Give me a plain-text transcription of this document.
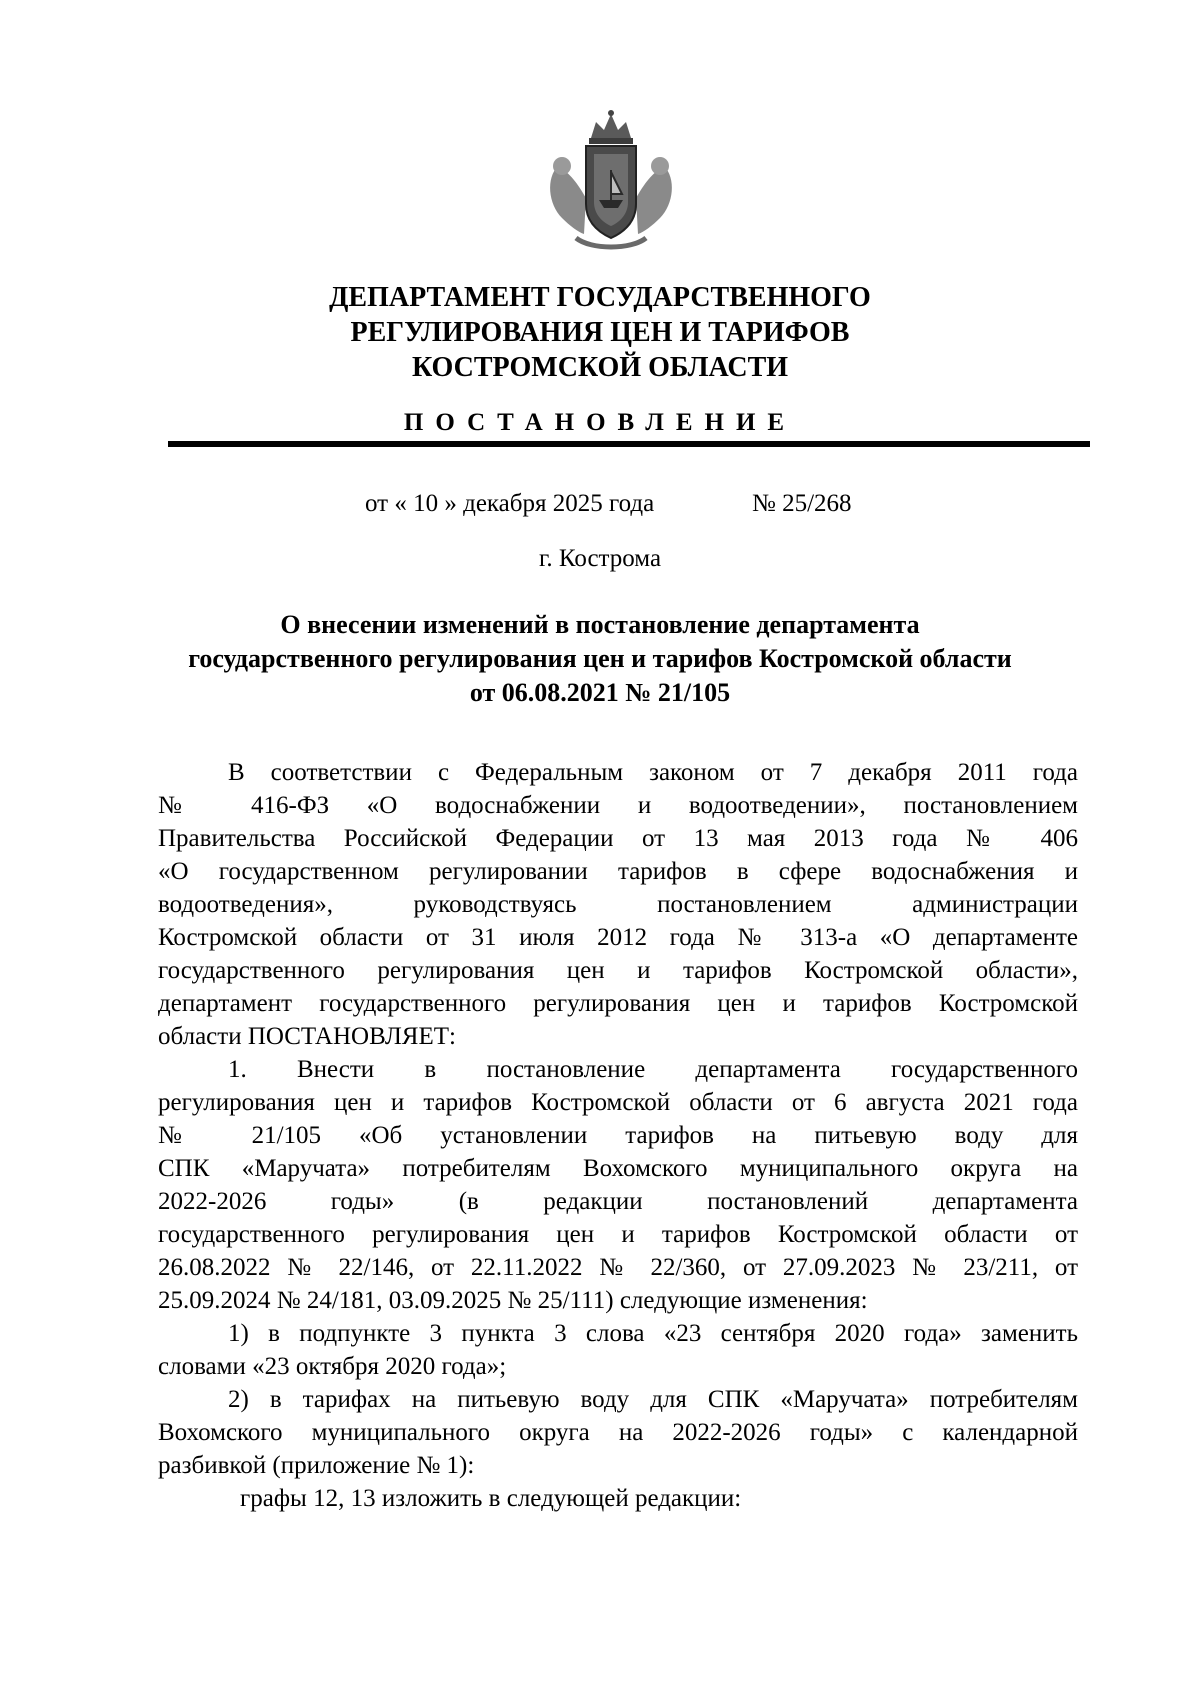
ДЕПАРТАМЕНТ ГОСУДАРСТВЕННОГО
РЕГУЛИРОВАНИЯ ЦЕН И ТАРИФОВ
КОСТРОМСКОЙ ОБЛАСТИ
ПОСТАНОВЛЕНИЕ
от « 10 » декабря 2025 года	№ 25/268
г. Кострома
О внесении изменений в постановление департамента
государственного регулирования цен и тарифов Костромской области
от 06.08.2021 № 21/105

В соответствии с Федеральным законом от 7 декабря 2011 года

№ 416-ФЗ «О водоснабжении и водоотведении», постановлением

Правительства Российской Федерации от 13 мая 2013 года № 406

«О государственном регулировании тарифов в сфере водоснабжения и

водоотведения», руководствуясь постановлением администрации

Костромской области от 31 июля 2012 года № 313-а «О департаменте

государственного регулирования цен и тарифов Костромской области»,

департамент государственного регулирования цен и тарифов Костромской

области ПОСТАНОВЛЯЕТ:

1. Внести в постановление департамента государственного

регулирования цен и тарифов Костромской области от 6 августа 2021 года

№ 21/105 «Об установлении тарифов на питьевую воду для

СПК «Маручата» потребителям Вохомского муниципального округа на

2022-2026 годы» (в редакции постановлений департамента

государственного регулирования цен и тарифов Костромской области от

26.08.2022 № 22/146, от 22.11.2022 № 22/360, от 27.09.2023 № 23/211, от

25.09.2024 № 24/181, 03.09.2025 № 25/111) следующие изменения:

1) в подпункте 3 пункта 3 слова «23 сентября 2020 года» заменить

словами «23 октября 2020 года»;

2) в тарифах на питьевую воду для СПК «Маручата» потребителям

Вохомского муниципального округа на 2022-2026 годы» с календарной

разбивкой (приложение № 1):

графы 12, 13 изложить в следующей редакции:
